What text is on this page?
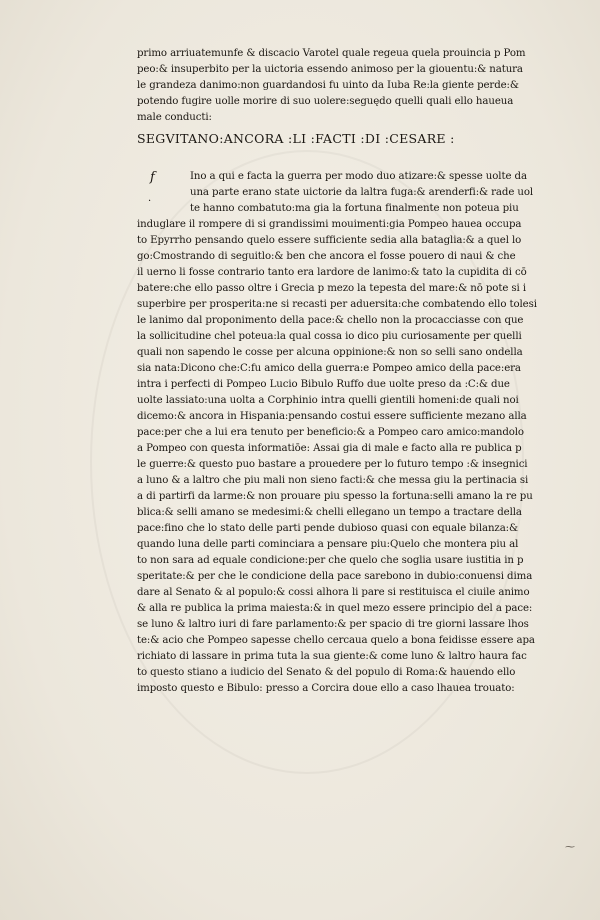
primo arriuatemunfe & discacio Varotel quale regeua quela prouincia p Pom
peo:& insuperbito per la uictoria essendo animoso per la giouentu:& natura
le grandeza danimo:non guardandosi fu uinto da Iuba Re:la giente perde:&
potendo fugire uolle morire di suo uolere:seguędo quelli quali ello haueua
male conducti:
SEGVITANO:ANCORA :LI :FACTI :DI :CESARE :
f
·
Ino a qui e facta la guerra per modo duo atizare:& spesse uolte da
una parte erano state uictorie da laltra fuga:& arenderfi:& rade uol
te hanno combatuto:ma gia la fortuna finalmente non poteua piu
induglare il rompere di si grandissimi mouimenti:gia Pompeo hauea occupa
to Epyrrho pensando quelo essere sufficiente sedia alla bataglia:& a quel lo
go:Cmostrando di seguitlo:& ben che ancora el fosse pouero di naui & che
il uerno li fosse contrario tanto era lardore de lanimo:& tato la cupidita di cō
batere:che ello passo oltre i Grecia p mezo la tepesta del mare:& nō pote si i
superbire per prosperita:ne si recasti per aduersita:che combatendo ello tolesi
le lanimo dal proponimento della pace:& chello non la procacciasse con que
la sollicitudine chel poteua:la qual cossa io dico piu curiosamente per quelli
quali non sapendo le cosse per alcuna oppinione:& non so selli sano ondella
sia nata:Dicono che:C:fu amico della guerra:e Pompeo amico della pace:era
intra i perfecti di Pompeo Lucio Bibulo Ruffo due uolte preso da :C:& due
uolte lassiato:una uolta a Corphinio intra quelli gientili homeni:de quali noi
dicemo:& ancora in Hispania:pensando costui essere sufficiente mezano alla
pace:per che a lui era tenuto per beneficio:& a Pompeo caro amico:mandolo
a Pompeo con questa informatiōe: Assai gia di male e facto alla re publica p
le guerre:& questo puo bastare a prouedere per lo futuro tempo :& insegnici
a luno & a laltro che piu mali non sieno facti:& che messa giu la pertinacia si
a di partirfi da larme:& non prouare piu spesso la fortuna:selli amano la re pu
blica:& selli amano se medesimi:& chelli ellegano un tempo a tractare della
pace:fino che lo stato delle parti pende dubioso quasi con equale bilanza:&
quando luna delle parti cominciara a pensare piu:Quelo che montera piu al
to non sara ad equale condicione:per che quelo che soglia usare iustitia in p
speritate:& per che le condicione della pace sarebono in dubio:conuensi dima
dare al Senato & al populo:& cossi alhora li pare si restituisca el ciuile animo
& alla re publica la prima maiesta:& in quel mezo essere principio del a pace:
se luno & laltro iuri di fare parlamento:& per spacio di tre giorni lassare lhos
te:& acio che Pompeo sapesse chello cercaua quelo a bona feidisse essere apa
richiato di lassare in prima tuta la sua giente:& come luno & laltro haura fac
to questo stiano a iudicio del Senato & del populo di Roma:& hauendo ello
imposto questo e Bibulo: presso a Corcira doue ello a caso lhauea trouato:
⁓
